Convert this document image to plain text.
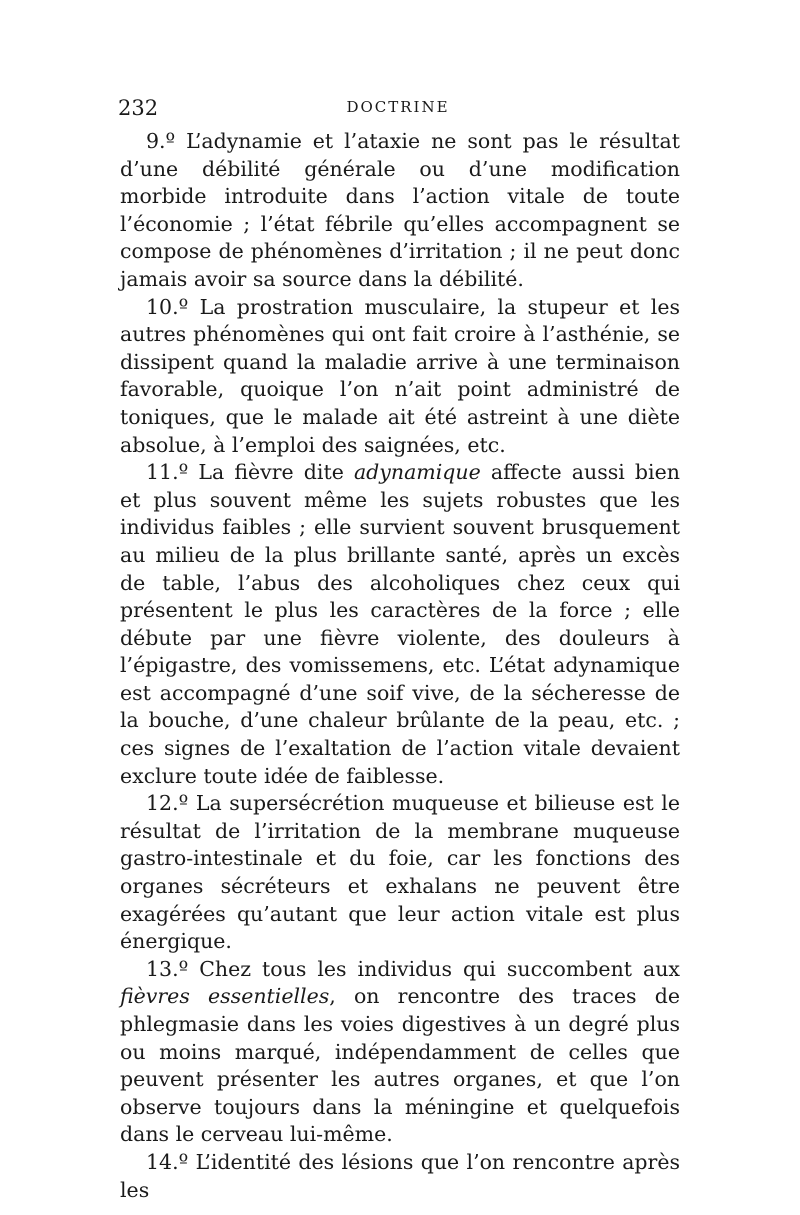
232	DOCTRINE

9.º L’adynamie et l’ataxie ne sont pas le résultat d’une débilité générale ou d’une modification morbide introduite dans l’action vitale de toute l’économie ; l’état fébrile qu’elles accompagnent se compose de phénomènes d’irritation ; il ne peut donc jamais avoir sa source dans la débilité.

10.º La prostration musculaire, la stupeur et les autres phénomènes qui ont fait croire à l’asthénie, se dissipent quand la maladie arrive à une terminaison favorable, quoique l’on n’ait point administré de toniques, que le malade ait été astreint à une diète absolue, à l’emploi des saignées, etc.

11.º La fièvre dite adynamique affecte aussi bien et plus souvent même les sujets robustes que les individus faibles ; elle survient souvent brusquement au milieu de la plus brillante santé, après un excès de table, l’abus des alcoholiques chez ceux qui présentent le plus les caractères de la force ; elle débute par une fièvre violente, des douleurs à l’épigastre, des vomissemens, etc. L’état adynamique est accompagné d’une soif vive, de la sécheresse de la bouche, d’une chaleur brûlante de la peau, etc. ; ces signes de l’exaltation de l’action vitale devaient exclure toute idée de faiblesse.

12.º La supersécrétion muqueuse et bilieuse est le résultat de l’irritation de la membrane muqueuse gastro-intestinale et du foie, car les fonctions des organes sécréteurs et exhalans ne peuvent être exagérées qu’autant que leur action vitale est plus énergique.

13.º Chez tous les individus qui succombent aux fièvres essentielles, on rencontre des traces de phlegmasie dans les voies digestives à un degré plus ou moins marqué, indépendamment de celles que peuvent présenter les autres organes, et que l’on observe toujours dans la méningine et quelquefois dans le cerveau lui-même.

14.º L’identité des lésions que l’on rencontre après les
